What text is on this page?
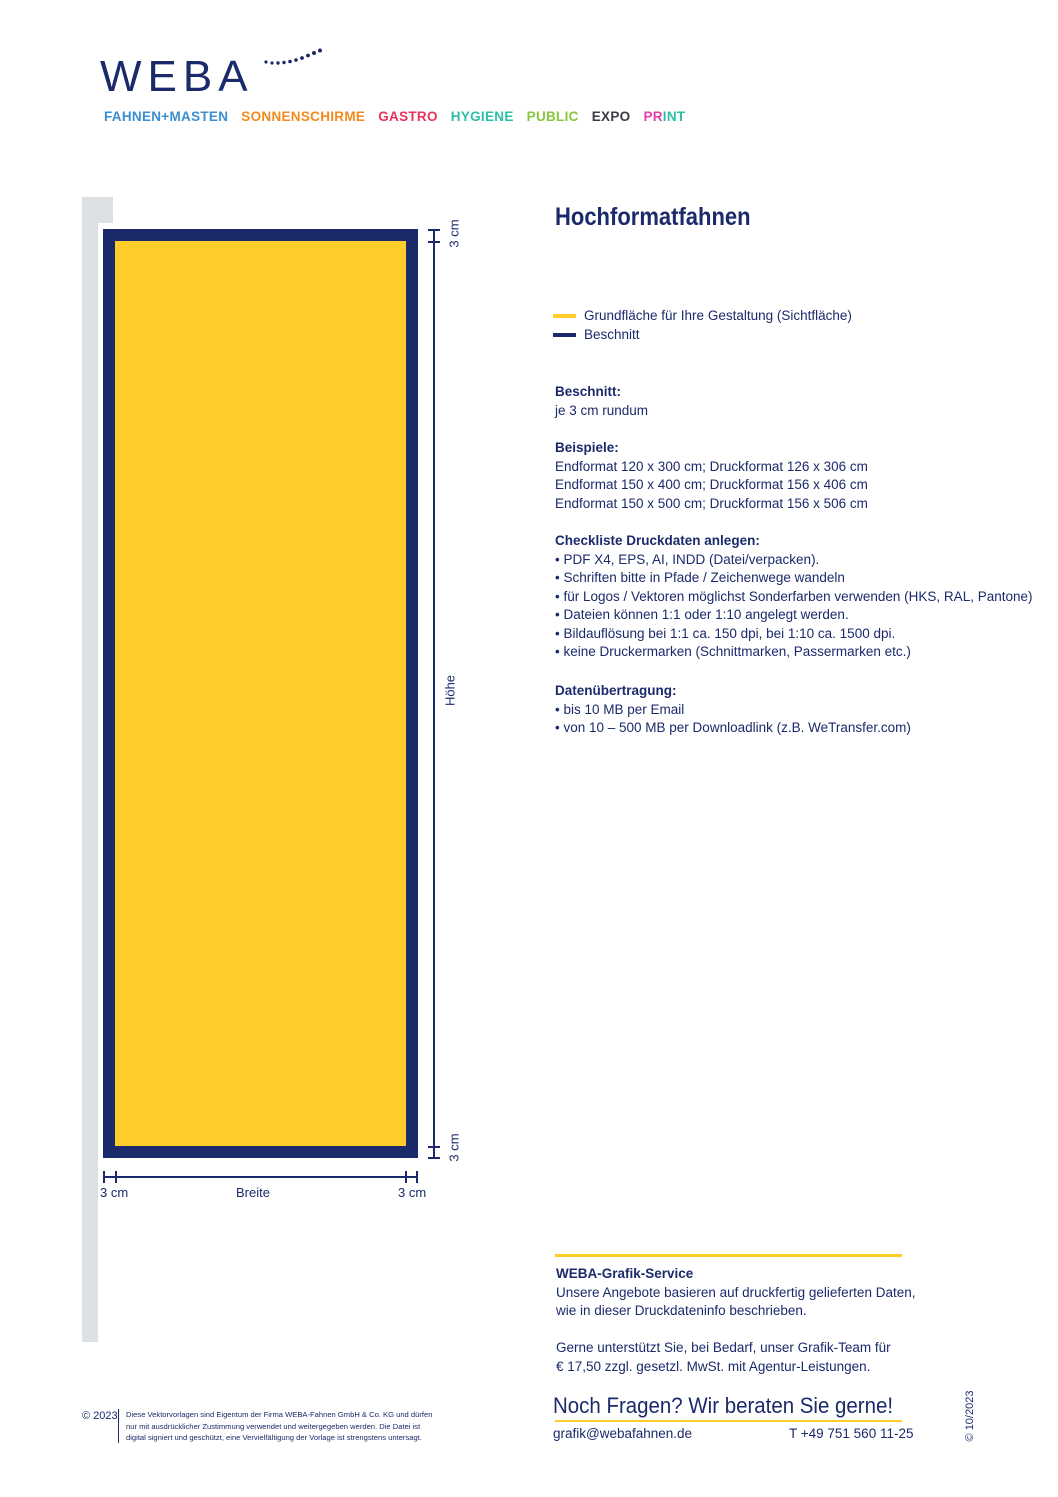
WEBA
FAHNEN+MASTEN SONNENSCHIRME GASTRO HYGIENE PUBLIC EXPO PRINT
3 cm
Höhe
3 cm
3 cm	Breite	3 cm
Hochformatfahnen
Grundfläche für Ihre Gestaltung (Sichtfläche)
Beschnitt
Beschnitt:
je 3 cm rundum
Beispiele:
Endformat 120 x 300 cm; Druckformat 126 x 306 cm
Endformat 150 x 400 cm; Druckformat 156 x 406 cm
Endformat 150 x 500 cm; Druckformat 156 x 506 cm
Checkliste Druckdaten anlegen:
• PDF X4, EPS, AI, INDD (Datei/verpacken).
• Schriften bitte in Pfade / Zeichenwege wandeln
• für Logos / Vektoren möglichst Sonderfarben verwenden (HKS, RAL, Pantone)
• Dateien können 1:1 oder 1:10 angelegt werden.
• Bildauflösung bei 1:1 ca. 150 dpi, bei 1:10 ca. 1500 dpi.
• keine Druckermarken (Schnittmarken, Passermarken etc.)
Datenübertragung:
• bis 10 MB per Email
• von 10 – 500 MB per Downloadlink (z.B. WeTransfer.com)
WEBA-Grafik-Service
Unsere Angebote basieren auf druckfertig gelieferten Daten,
wie in dieser Druckdateninfo beschrieben.
Gerne unterstützt Sie, bei Bedarf, unser Grafik-Team für
€ 17,50 zzgl. gesetzl. MwSt. mit Agentur-Leistungen.
Noch Fragen? Wir beraten Sie gerne!
grafik@webafahnen.de	T +49 751 560 11-25
© 2023 Diese Vektorvorlagen sind Eigentum der Firma WEBA-Fahnen GmbH & Co. KG und dürfen
nur mit ausdrücklicher Zustimmung verwendet und weitergegeben werden. Die Datei ist
digital signiert und geschützt, eine Vervielfältigung der Vorlage ist strengstens untersagt.	© 10/2023
